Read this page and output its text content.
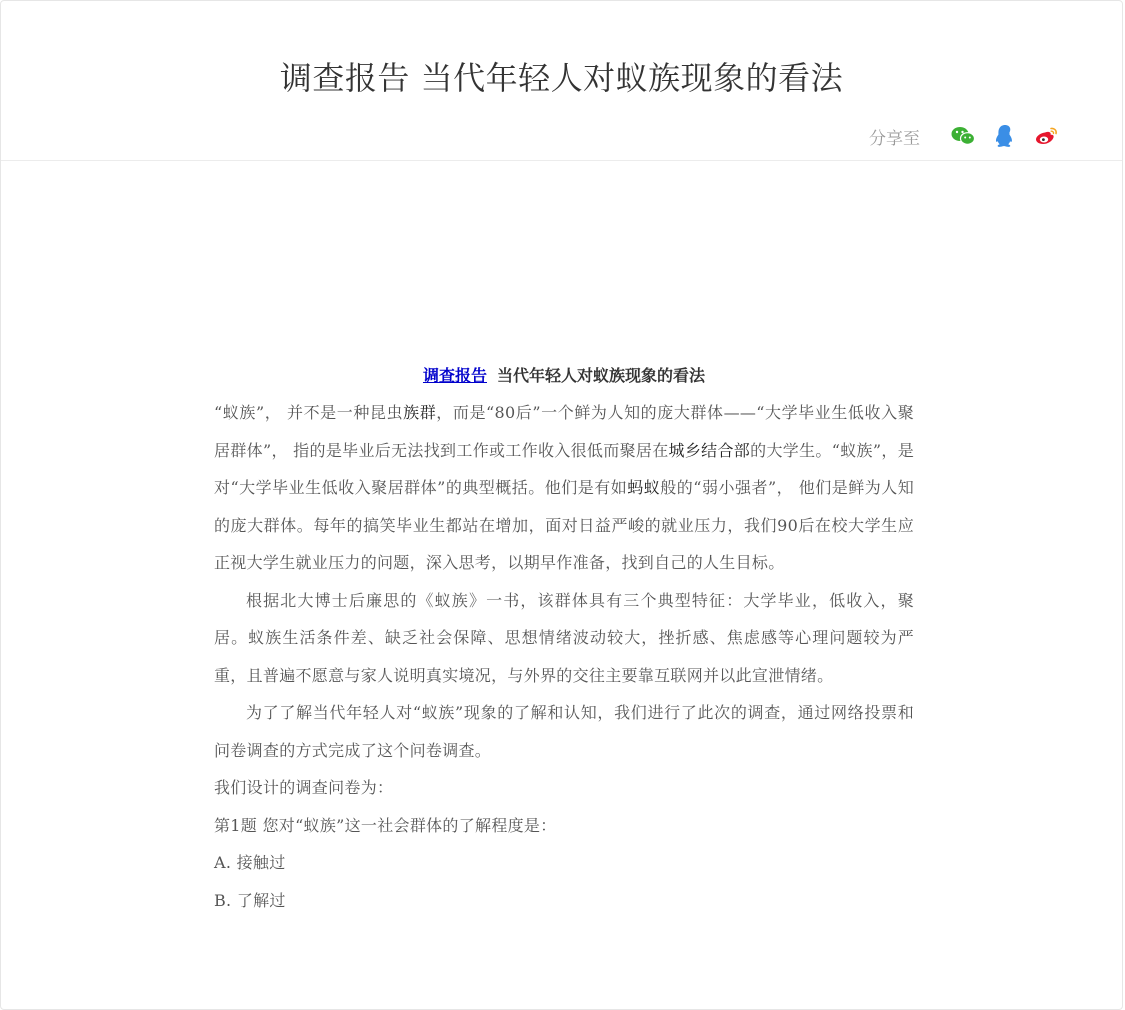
调查报告 当代年轻人对蚁族现象的看法
分享至

调查报告 当代年轻人对蚁族现象的看法

“蚁族”， 并不是一种昆虫族群，而是“80后”一个鲜为人知的庞大群体——“大学毕业生低收入聚居群体”， 指的是毕业后无法找到工作或工作收入很低而聚居在城乡结合部的大学生。“蚁族”，是对“大学毕业生低收入聚居群体”的典型概括。他们是有如蚂蚁般的“弱小强者”， 他们是鲜为人知的庞大群体。每年的搞笑毕业生都站在增加，面对日益严峻的就业压力，我们90后在校大学生应正视大学生就业压力的问题，深入思考，以期早作准备，找到自己的人生目标。

根据北大博士后廉思的《蚁族》一书，该群体具有三个典型特征：大学毕业，低收入，聚居。蚁族生活条件差、缺乏社会保障、思想情绪波动较大，挫折感、焦虑感等心理问题较为严重，且普遍不愿意与家人说明真实境况，与外界的交往主要靠互联网并以此宣泄情绪。

为了了解当代年轻人对“蚁族”现象的了解和认知，我们进行了此次的调查，通过网络投票和问卷调查的方式完成了这个问卷调查。

我们设计的调查问卷为：

第1题 您对“蚁族”这一社会群体的了解程度是：

A. 接触过

B. 了解过
